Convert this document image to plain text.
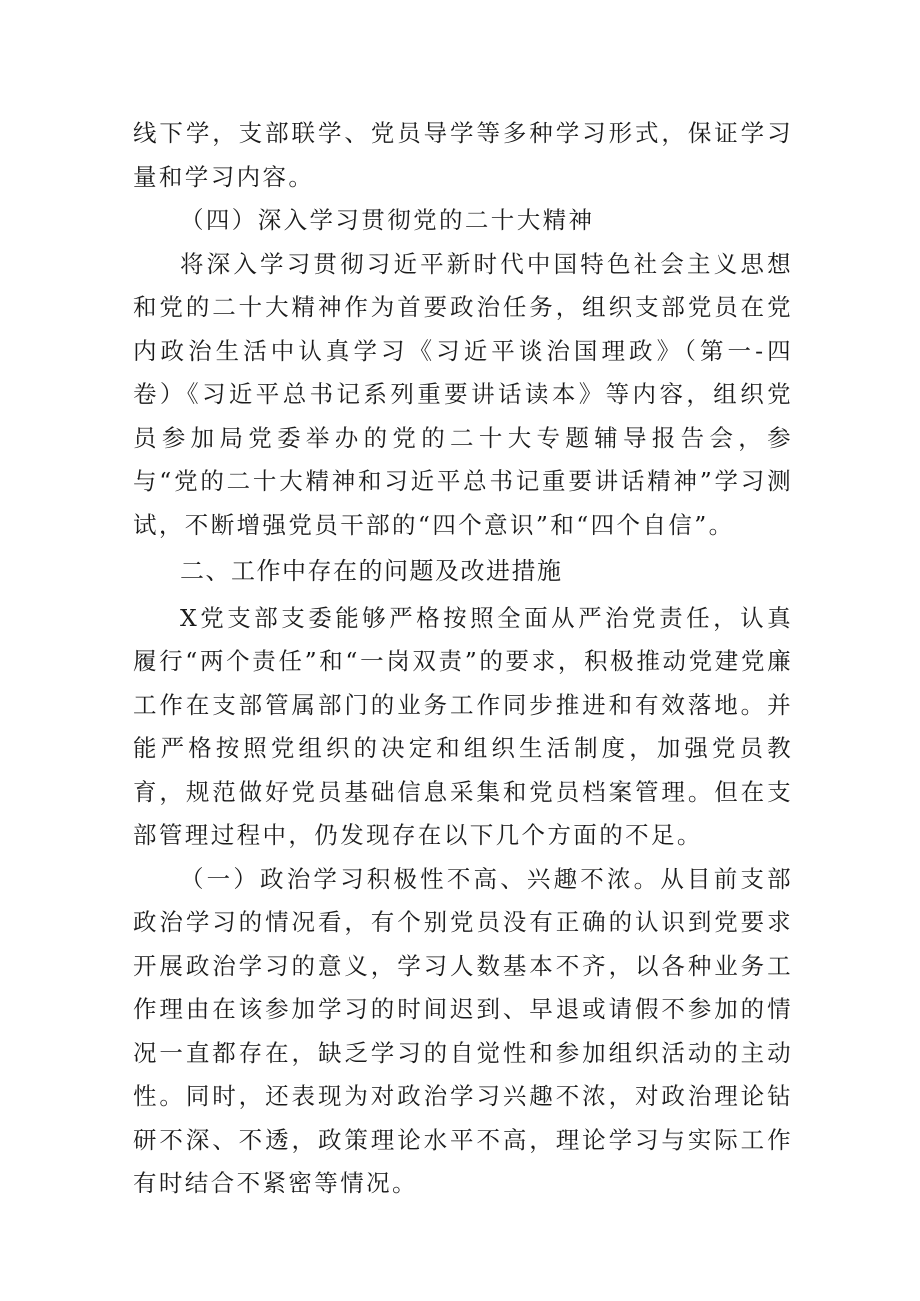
线下学，支部联学、党员导学等多种学习形式，保证学习量和学习内容。

（四）深入学习贯彻党的二十大精神

将深入学习贯彻习近平新时代中国特色社会主义思想和党的二十大精神作为首要政治任务，组织支部党员在党内政治生活中认真学习《习近平谈治国理政》（第一-四卷）《习近平总书记系列重要讲话读本》等内容，组织党员参加局党委举办的党的二十大专题辅导报告会，参与“党的二十大精神和习近平总书记重要讲话精神”学习测试，不断增强党员干部的“四个意识”和“四个自信”。

二、工作中存在的问题及改进措施

X党支部支委能够严格按照全面从严治党责任，认真履行“两个责任”和“一岗双责”的要求，积极推动党建党廉工作在支部管属部门的业务工作同步推进和有效落地。并能严格按照党组织的决定和组织生活制度，加强党员教育，规范做好党员基础信息采集和党员档案管理。但在支部管理过程中，仍发现存在以下几个方面的不足。

（一）政治学习积极性不高、兴趣不浓。从目前支部政治学习的情况看，有个别党员没有正确的认识到党要求开展政治学习的意义，学习人数基本不齐，以各种业务工作理由在该参加学习的时间迟到、早退或请假不参加的情况一直都存在，缺乏学习的自觉性和参加组织活动的主动性。同时，还表现为对政治学习兴趣不浓，对政治理论钻研不深、不透，政策理论水平不高，理论学习与实际工作有时结合不紧密等情况。
